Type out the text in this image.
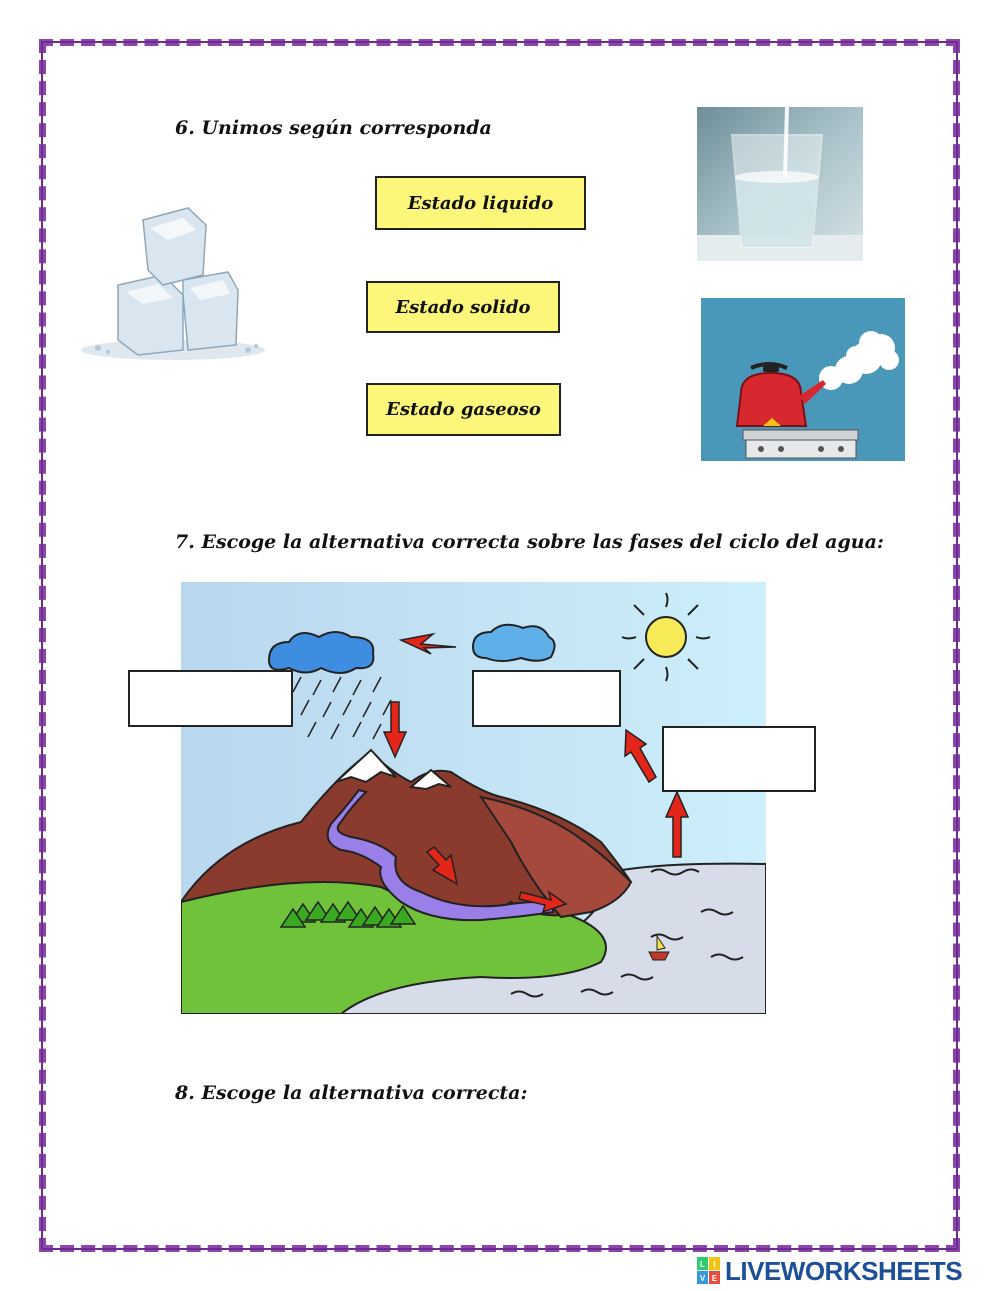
6. Unimos según corresponda
Estado liquido
Estado solido
Estado gaseoso
7. Escoge la alternativa correcta sobre las fases del ciclo del agua:
8. Escoge la alternativa correcta:
L I
V E LIVEWORKSHEETS
